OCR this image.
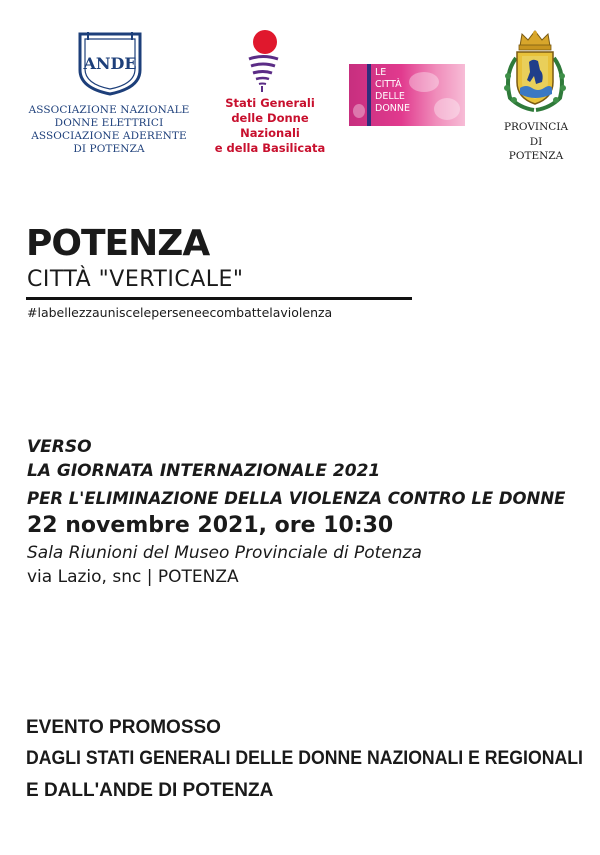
ANDE
ASSOCIAZIONE NAZIONALE
DONNE ELETTRICI
ASSOCIAZIONE ADERENTE
DI POTENZA
Stati Generali
delle Donne
Nazionali
e della Basilicata
LE
CITTÀ
DELLE
DONNE
PROVINCIA
DI
POTENZA
POTENZA
CITTÀ "VERTICALE"
#labellezzaunisceleperseneecombattelaviolenza
VERSO
LA GIORNATA INTERNAZIONALE 2021
PER L'ELIMINAZIONE DELLA VIOLENZA CONTRO LE DONNE
22 novembre 2021, ore 10:30
Sala Riunioni del Museo Provinciale di Potenza
via Lazio, snc | POTENZA
EVENTO PROMOSSO
DAGLI STATI GENERALI DELLE DONNE NAZIONALI E REGIONALI
E DALL'ANDE DI POTENZA
